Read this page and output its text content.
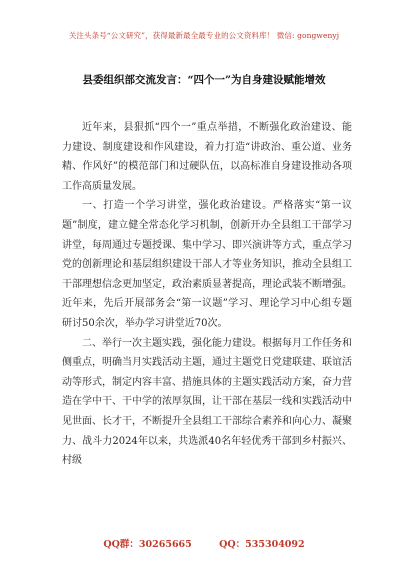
关注头条号“公文研究”，获得最新最全最专业的公文资料库！ 微信: gongwenyj
县委组织部交流发言：“四个一”为自身建设赋能增效

近年来，县狠抓“四个一”重点举措，不断强化政治建设、能力建设、制度建设和作风建设，着力打造“讲政治、重公道、业务精、作风好”的模范部门和过硬队伍，以高标准自身建设推动各项工作高质量发展。

一、打造一个学习讲堂，强化政治建设。严格落实“第一议题”制度，建立健全常态化学习机制，创新开办全县组工干部学习讲堂，每周通过专题授课、集中学习、即兴演讲等方式，重点学习党的创新理论和基层组织建设干部人才等业务知识，推动全县组工干部理想信念更加坚定，政治素质显著提高，理论武装不断增强。近年来，先后开展部务会“第一议题”学习、理论学习中心组专题研讨50余次，举办学习讲堂近70次。

二、举行一次主题实践，强化能力建设。根据每月工作任务和侧重点，明确当月实践活动主题，通过主题党日党建联建、联谊活动等形式，制定内容丰富、措施具体的主题实践活动方案，奋力营造在学中干、干中学的浓厚氛围，让干部在基层一线和实践活动中见世面、长才干，不断提升全县组工干部综合素养和向心力、凝聚力、战斗力2024年以来，共选派40名年轻优秀干部到乡村振兴、村级

QQ群：30265665	QQ：535304092
